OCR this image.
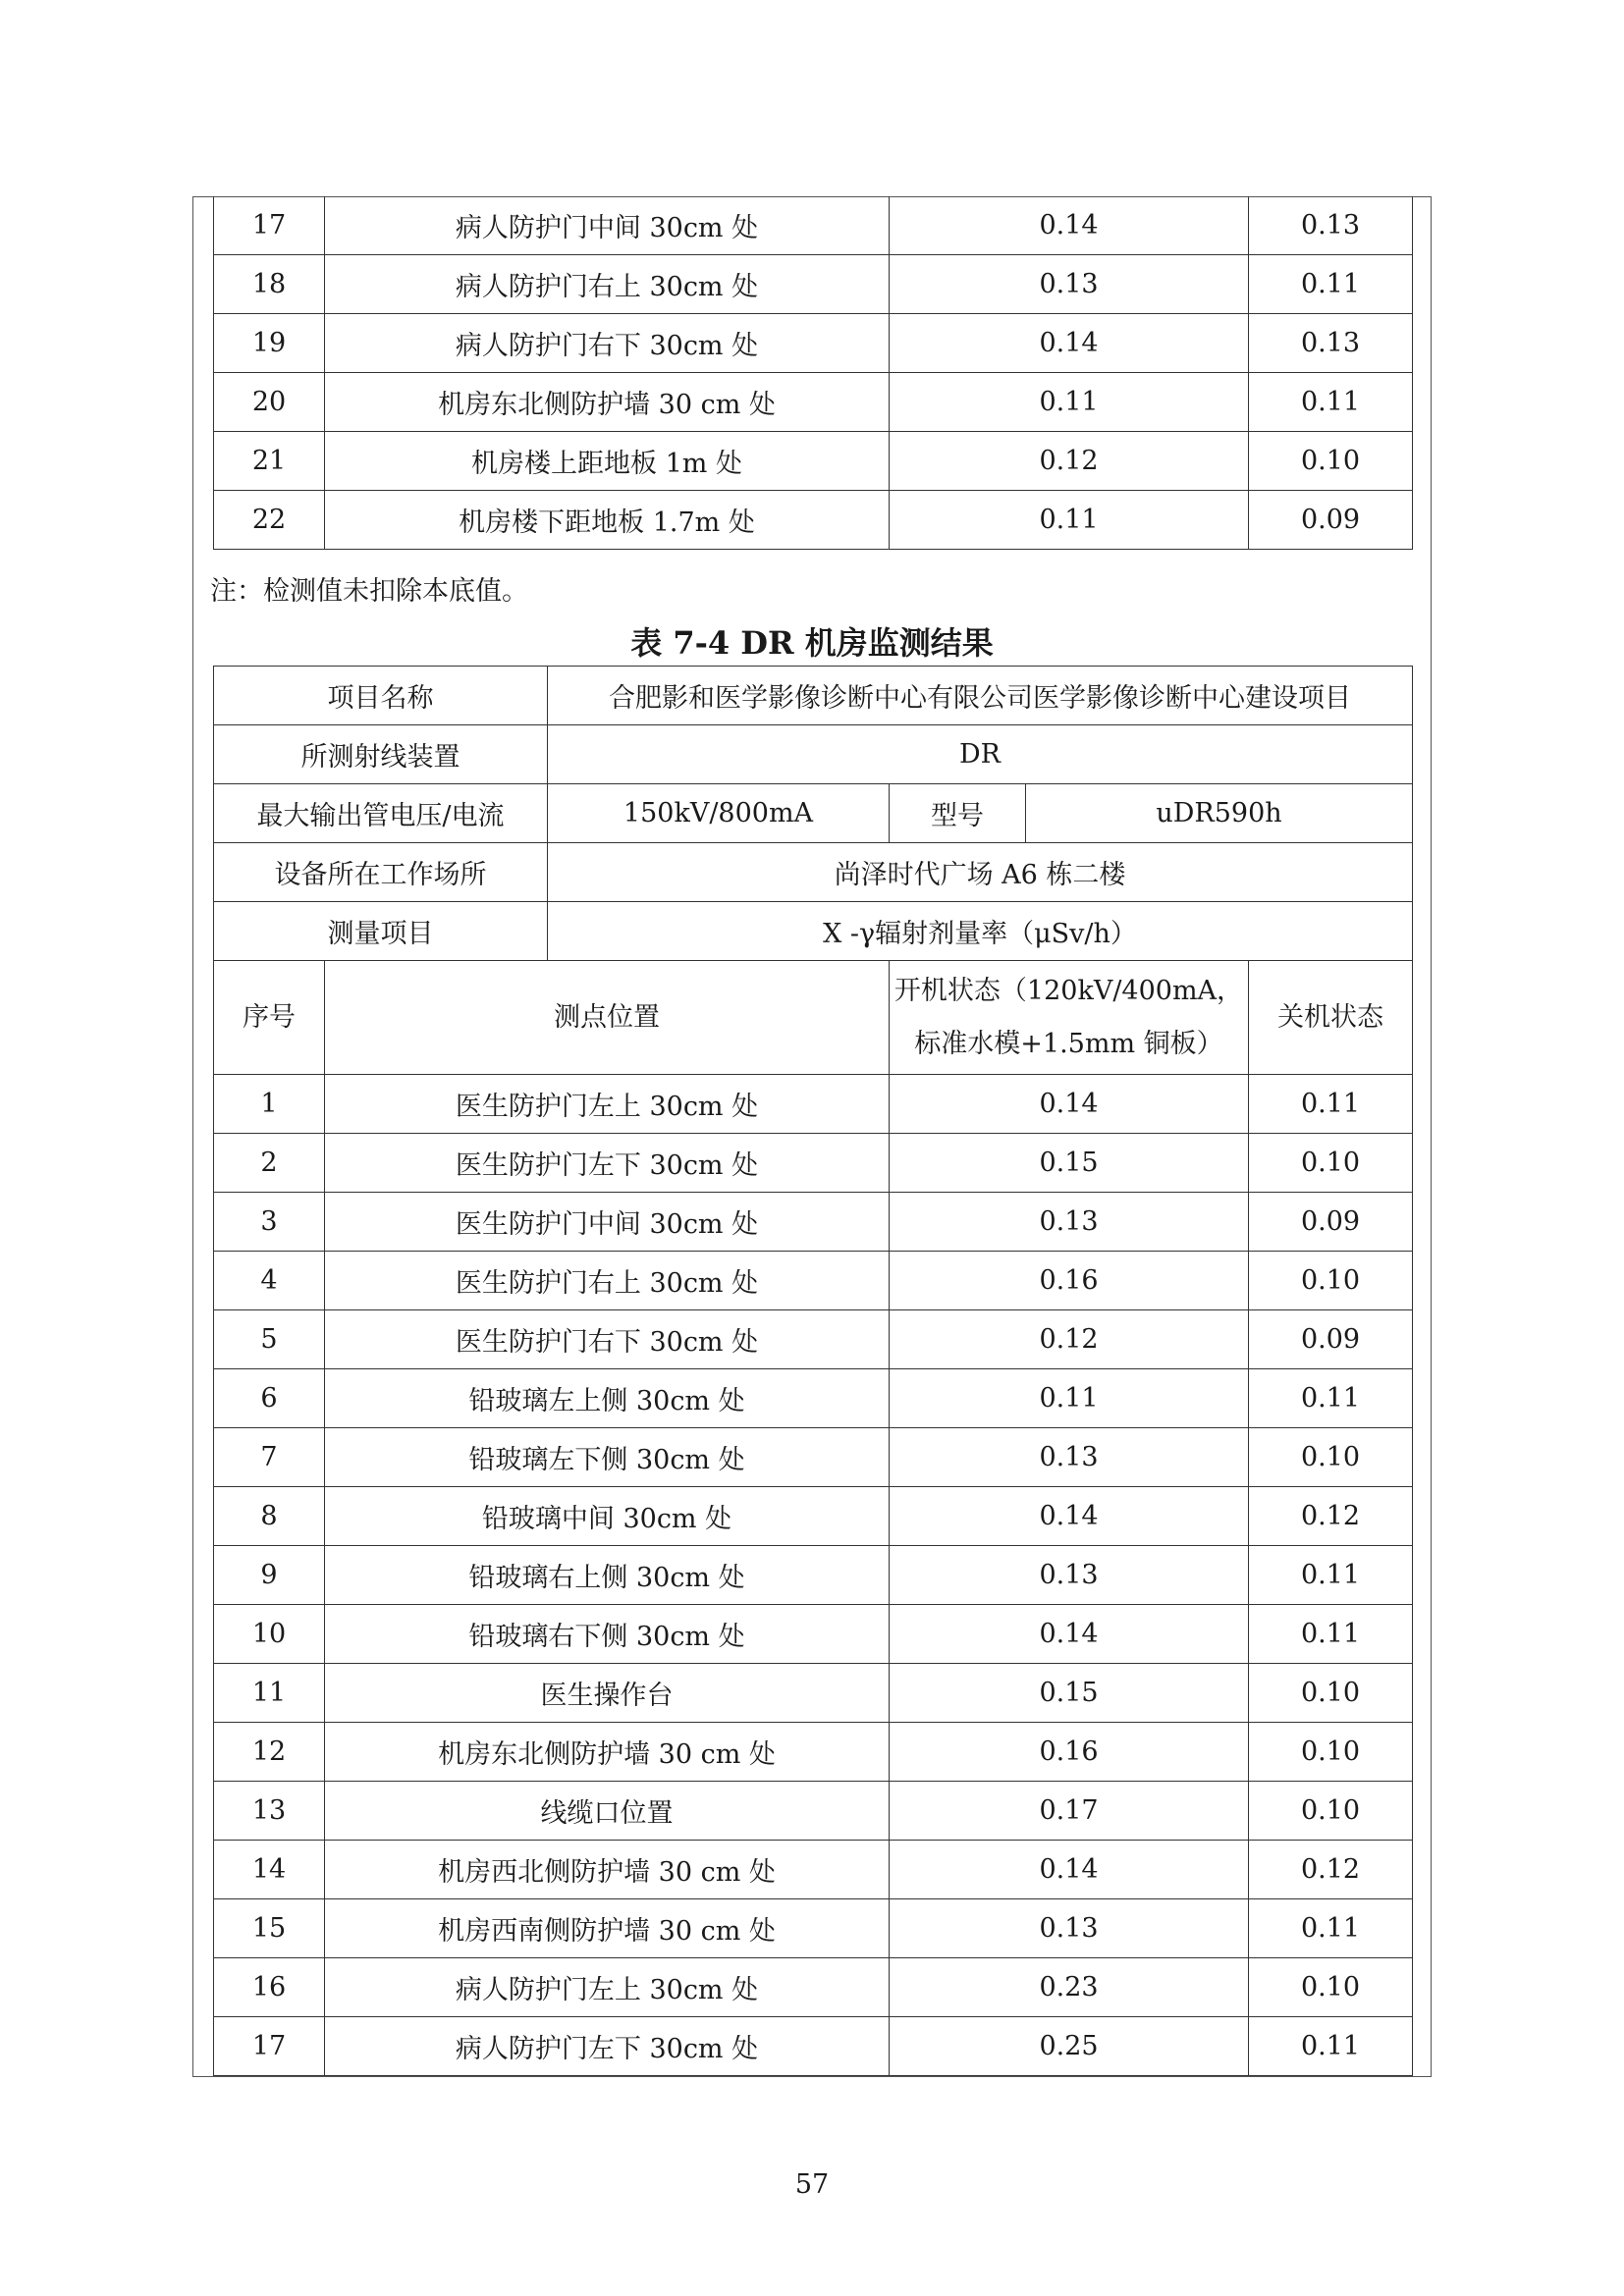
17	病人防护门中间 30cm 处	0.14	0.13
18	病人防护门右上 30cm 处	0.13	0.11
19	病人防护门右下 30cm 处	0.14	0.13
20	机房东北侧防护墙 30 cm 处	0.11	0.11
21	机房楼上距地板 1m 处	0.12	0.10
22	机房楼下距地板 1.7m 处	0.11	0.09
注：检测值未扣除本底值。
表 7-4 DR 机房监测结果
项目名称		合肥影和医学影像诊断中心有限公司医学影像诊断中心建设项目			
所测射线装置		DR			
最大输出管电压/电流		150kV/800mA	型号	uDR590h	
设备所在工作场所		尚泽时代广场 A6 栋二楼			
测量项目		X -γ辐射剂量率（μSv/h）			
序号	测点位置		开机状态（120kV/400mA，
标准水模+1.5mm 铜板）		关机状态
1	医生防护门左上 30cm 处		0.14		0.11
2	医生防护门左下 30cm 处		0.15		0.10
3	医生防护门中间 30cm 处		0.13		0.09
4	医生防护门右上 30cm 处		0.16		0.10
5	医生防护门右下 30cm 处		0.12		0.09
6	铅玻璃左上侧 30cm 处		0.11		0.11
7	铅玻璃左下侧 30cm 处		0.13		0.10
8	铅玻璃中间 30cm 处		0.14		0.12
9	铅玻璃右上侧 30cm 处		0.13		0.11
10	铅玻璃右下侧 30cm 处		0.14		0.11
11	医生操作台		0.15		0.10
12	机房东北侧防护墙 30 cm 处		0.16		0.10
13	线缆口位置		0.17		0.10
14	机房西北侧防护墙 30 cm 处		0.14		0.12
15	机房西南侧防护墙 30 cm 处		0.13		0.11
16	病人防护门左上 30cm 处		0.23		0.10
17	病人防护门左下 30cm 处		0.25		0.11
57
